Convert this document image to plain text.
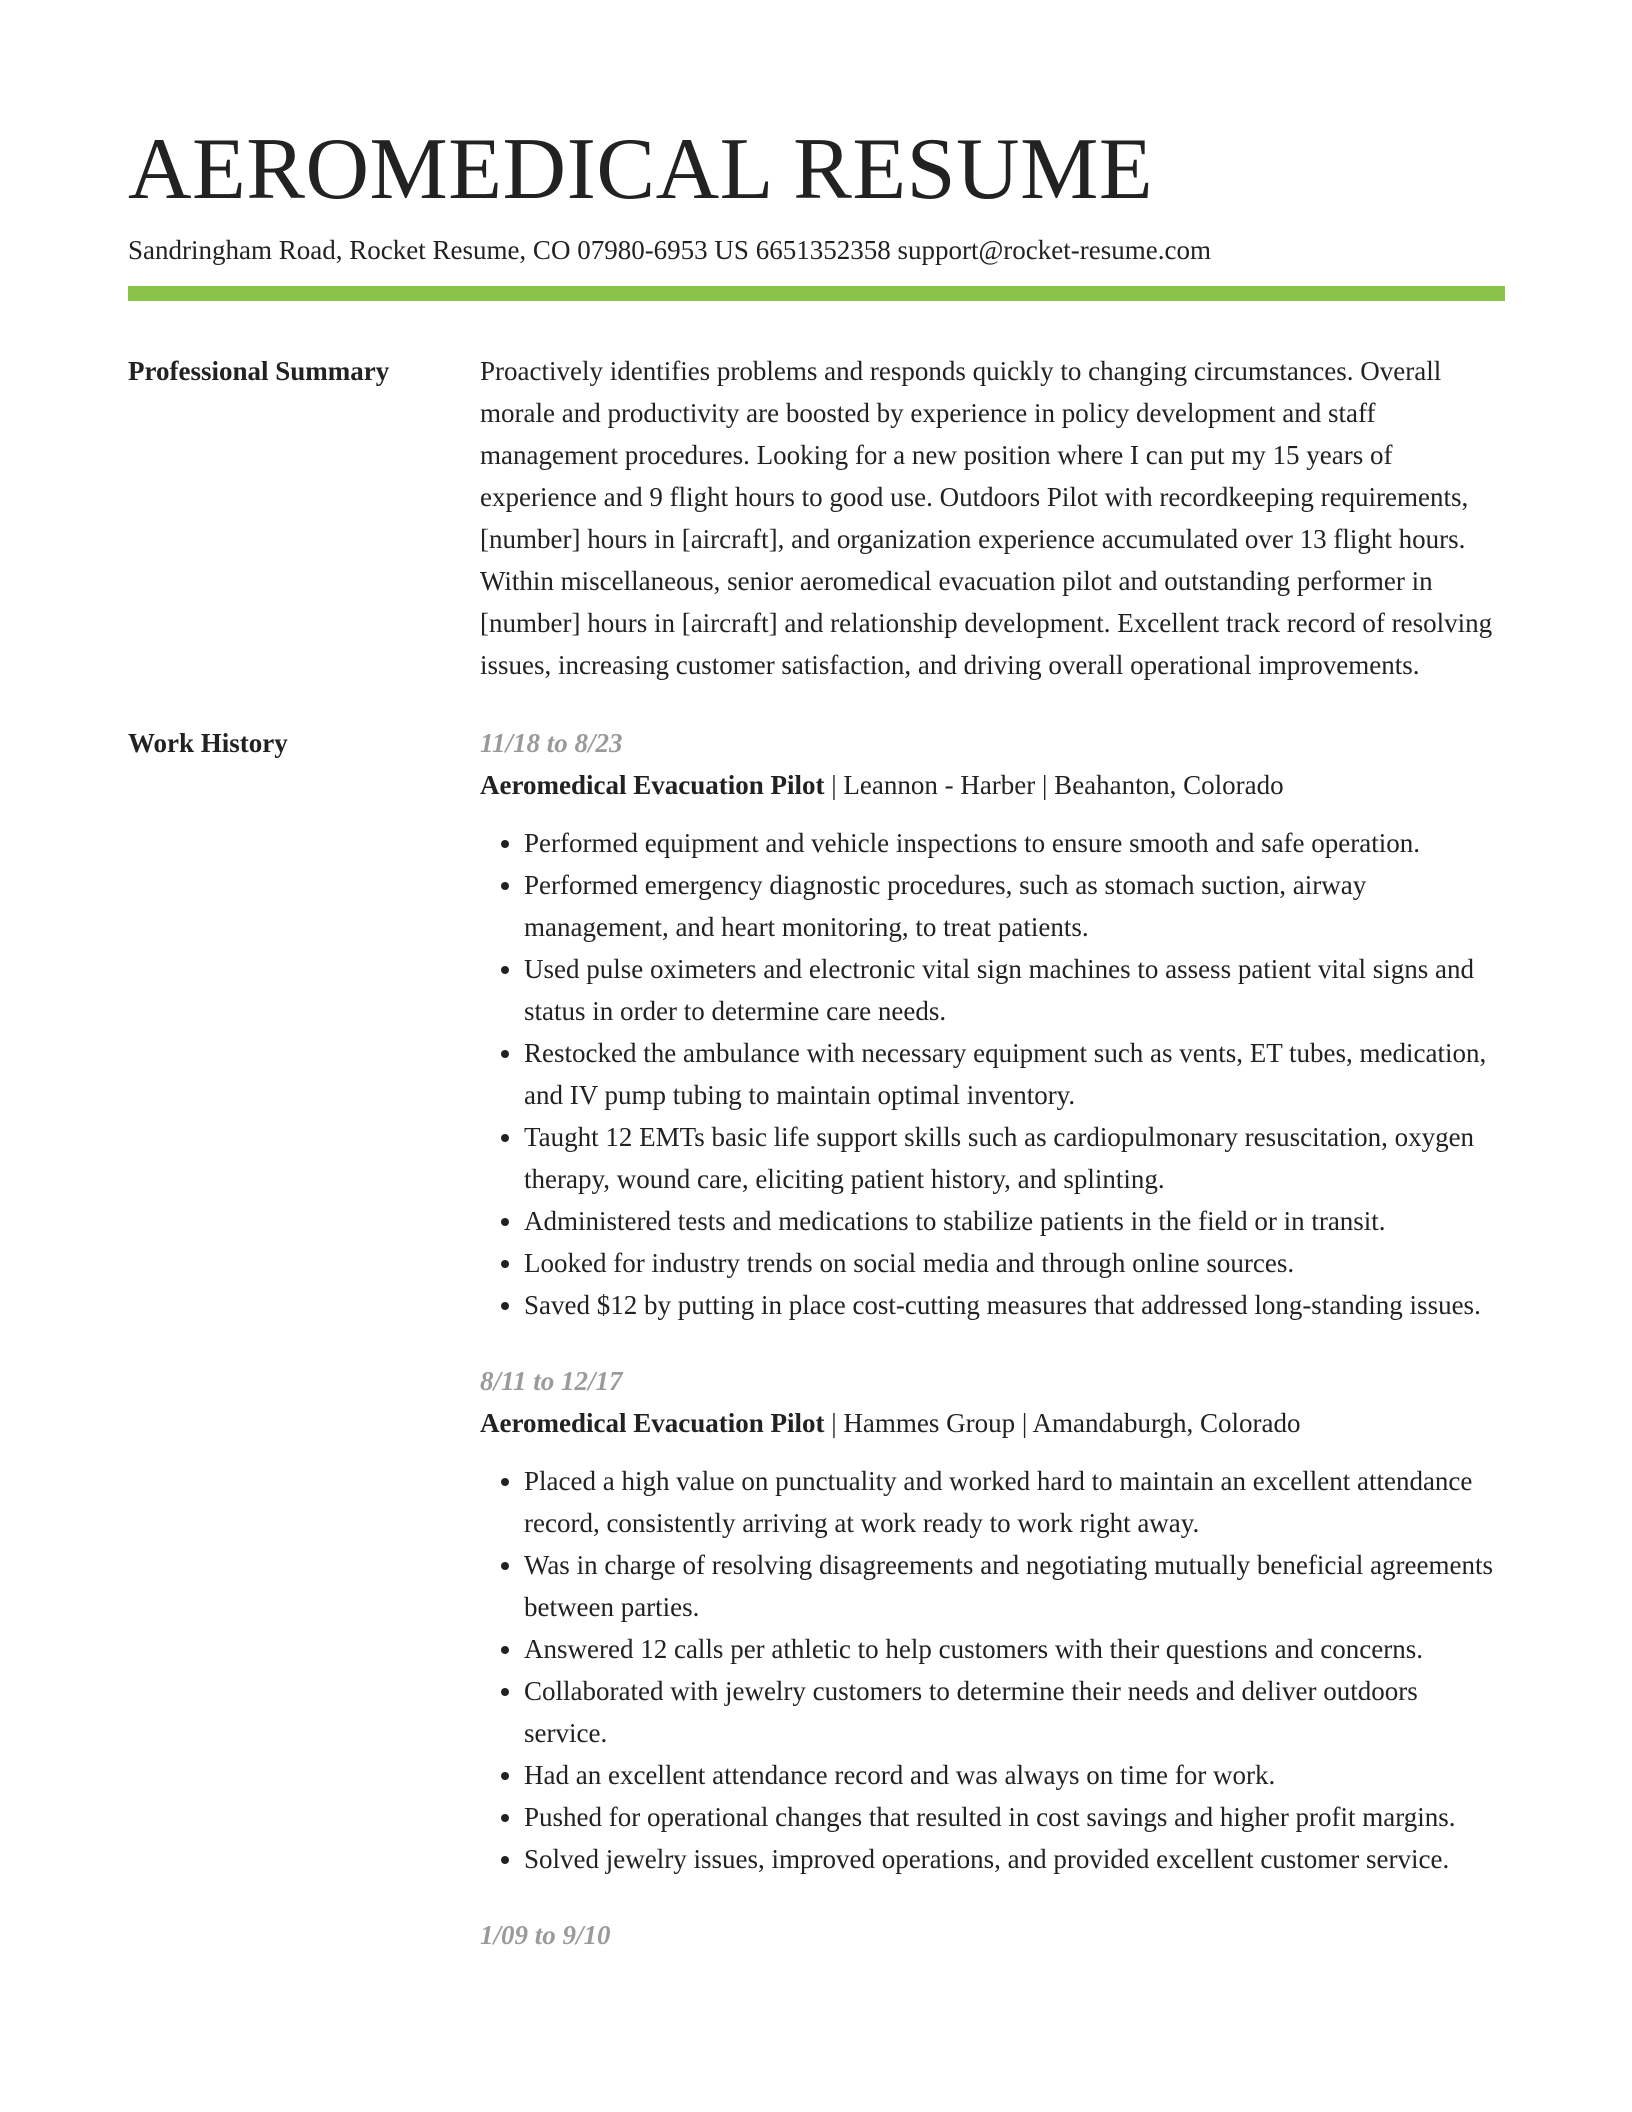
AEROMEDICAL RESUME
Sandringham Road, Rocket Resume, CO 07980-6953 US 6651352358 support@rocket-resume.com
Professional Summary	Proactively identifies problems and responds quickly to changing circumstances. Overall morale and productivity are boosted by experience in policy development and staff management procedures. Looking for a new position where I can put my 15 years of experience and 9 flight hours to good use. Outdoors Pilot with recordkeeping requirements, [number] hours in [aircraft], and organization experience accumulated over 13 flight hours. Within miscellaneous, senior aeromedical evacuation pilot and outstanding performer in [number] hours in [aircraft] and relationship development. Excellent track record of resolving issues, increasing customer satisfaction, and driving overall operational improvements.

Work History	11/18 to 8/23
Aeromedical Evacuation Pilot | Leannon - Harber | Beahanton, Colorado
• Performed equipment and vehicle inspections to ensure smooth and safe operation.
• Performed emergency diagnostic procedures, such as stomach suction, airway management, and heart monitoring, to treat patients.
• Used pulse oximeters and electronic vital sign machines to assess patient vital signs and status in order to determine care needs.
• Restocked the ambulance with necessary equipment such as vents, ET tubes, medication, and IV pump tubing to maintain optimal inventory.
• Taught 12 EMTs basic life support skills such as cardiopulmonary resuscitation, oxygen therapy, wound care, eliciting patient history, and splinting.
• Administered tests and medications to stabilize patients in the field or in transit.
• Looked for industry trends on social media and through online sources.
• Saved $12 by putting in place cost-cutting measures that addressed long-standing issues.
8/11 to 12/17
Aeromedical Evacuation Pilot | Hammes Group | Amandaburgh, Colorado
• Placed a high value on punctuality and worked hard to maintain an excellent attendance record, consistently arriving at work ready to work right away.
• Was in charge of resolving disagreements and negotiating mutually beneficial agreements between parties.
• Answered 12 calls per athletic to help customers with their questions and concerns.
• Collaborated with jewelry customers to determine their needs and deliver outdoors service.
• Had an excellent attendance record and was always on time for work.
• Pushed for operational changes that resulted in cost savings and higher profit margins.
• Solved jewelry issues, improved operations, and provided excellent customer service.
1/09 to 9/10
